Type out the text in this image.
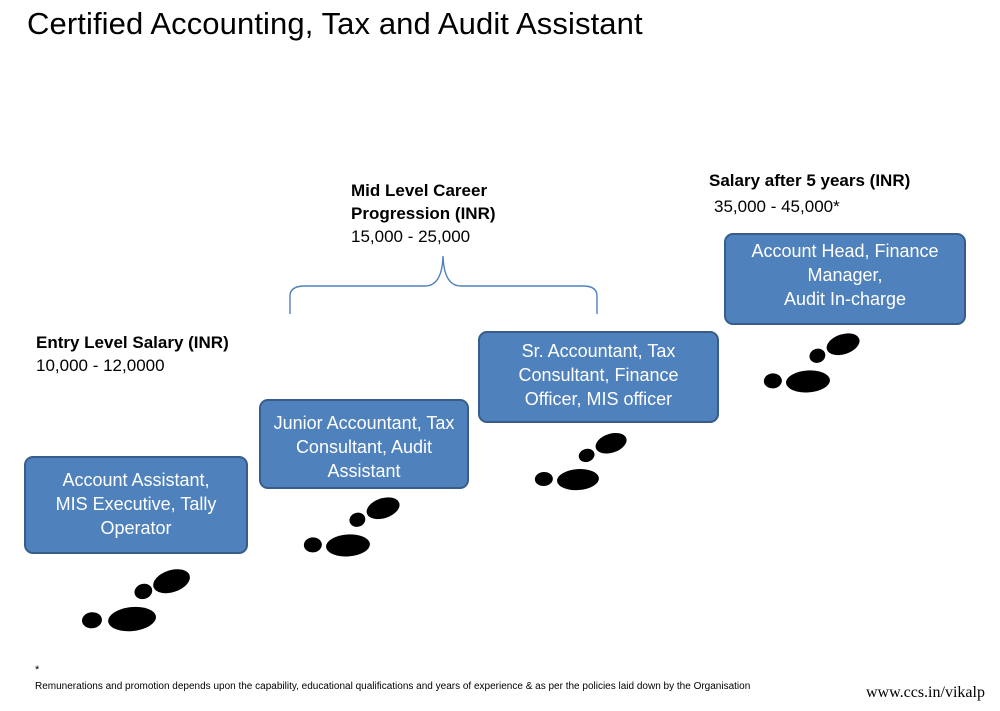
Certified Accounting, Tax and Audit Assistant
Entry Level Salary (INR)
10,000 - 12,0000
Mid Level Career
Progression (INR)
15,000 - 25,000
Salary after 5 years (INR)
35,000 - 45,000*
Account Assistant,
MIS Executive, Tally
Operator
Junior Accountant, Tax
Consultant, Audit
Assistant
Sr. Accountant, Tax
Consultant, Finance
Officer, MIS officer
Account Head, Finance
Manager,
Audit In-charge
*
Remunerations and promotion depends upon the capability, educational qualifications and years of experience & as per the policies laid down by the Organisation	www.ccs.in/vikalp
